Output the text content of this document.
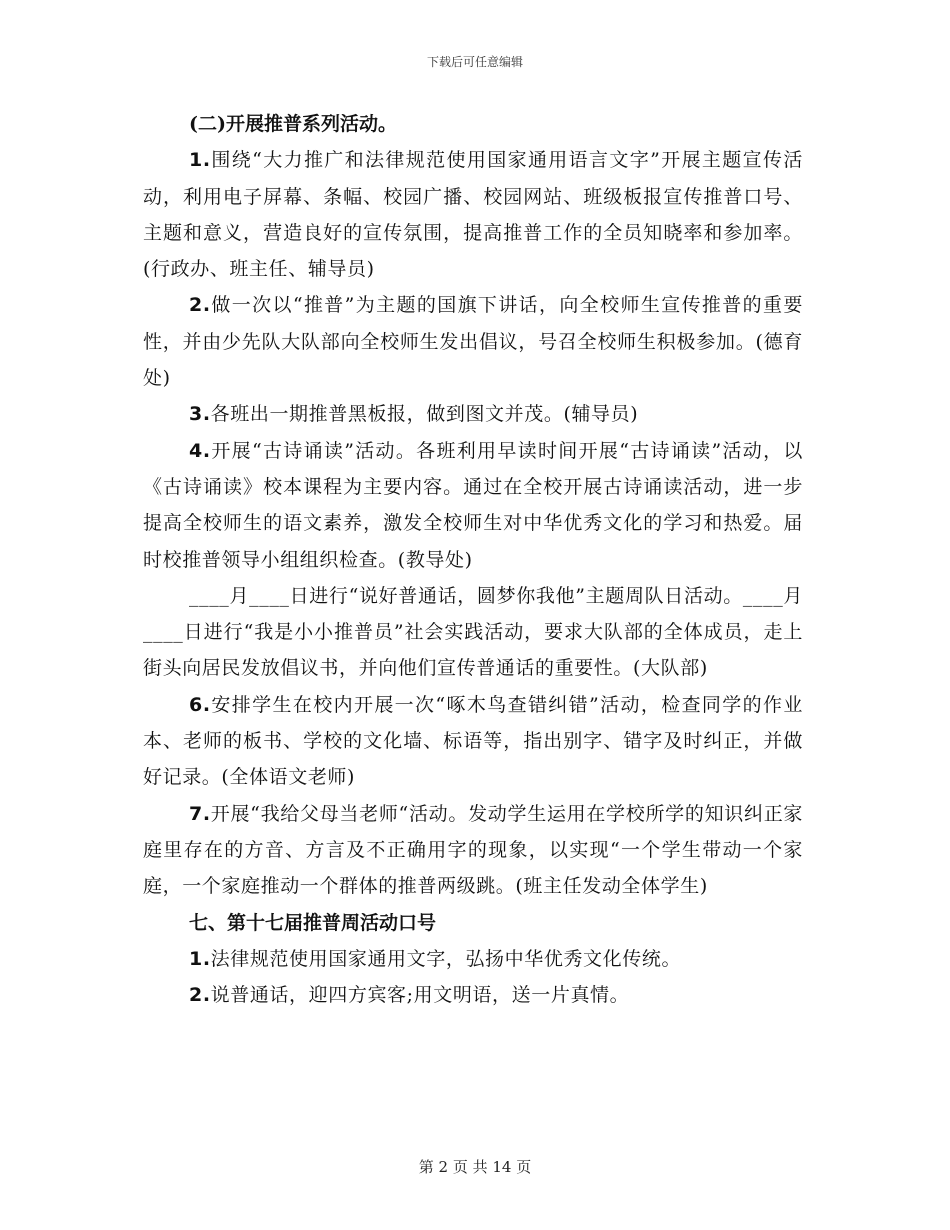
下载后可任意编辑

(二)开展推普系列活动。

1.围绕“大力推广和法律规范使用国家通用语言文字”开展主题宣传活动，利用电子屏幕、条幅、校园广播、校园网站、班级板报宣传推普口号、主题和意义，营造良好的宣传氛围，提高推普工作的全员知晓率和参加率。(行政办、班主任、辅导员)

2.做一次以“推普”为主题的国旗下讲话，向全校师生宣传推普的重要性，并由少先队大队部向全校师生发出倡议，号召全校师生积极参加。(德育处)

3.各班出一期推普黑板报，做到图文并茂。(辅导员)

4.开展“古诗诵读”活动。各班利用早读时间开展“古诗诵读”活动，以《古诗诵读》校本课程为主要内容。通过在全校开展古诗诵读活动，进一步提高全校师生的语文素养，激发全校师生对中华优秀文化的学习和热爱。届时校推普领导小组组织检查。(教导处)

____月____日进行“说好普通话，圆梦你我他”主题周队日活动。____月____日进行“我是小小推普员”社会实践活动，要求大队部的全体成员，走上街头向居民发放倡议书，并向他们宣传普通话的重要性。(大队部)

6.安排学生在校内开展一次“啄木鸟查错纠错”活动，检查同学的作业本、老师的板书、学校的文化墙、标语等，指出别字、错字及时纠正，并做好记录。(全体语文老师)

7.开展“我给父母当老师“活动。发动学生运用在学校所学的知识纠正家庭里存在的方音、方言及不正确用字的现象，以实现“一个学生带动一个家庭，一个家庭推动一个群体的推普两级跳。(班主任发动全体学生)

七、第十七届推普周活动口号

1.法律规范使用国家通用文字，弘扬中华优秀文化传统。

2.说普通话，迎四方宾客;用文明语，送一片真情。

第 2 页 共 14 页
